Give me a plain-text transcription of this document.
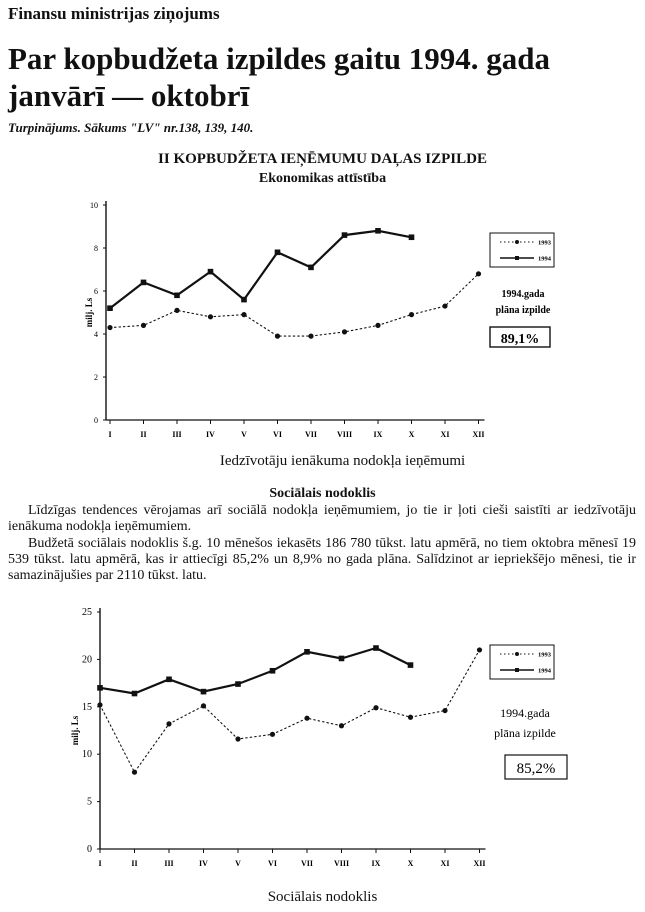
Finansu ministrijas ziņojums
Par kopbudžeta izpildes gaitu 1994. gada janvārī — oktobrī
Turpinājums. Sākums "LV" nr.138, 139, 140.
II KOPBUDŽETA IEŅĒMUMU DAĻAS IZPILDE
Ekonomikas attīstība
0
2
4
6
8
10
milj. Ls
I	II	III	IV	V	VI	VII VIII	IX	X	XI	XII
1993
1994
1994.gada
plāna izpilde
89,1%
Iedzīvotāju ienākuma nodokļa ieņēmumi
Sociālais nodoklis
Līdzīgas tendences vērojamas arī sociālā nodokļa ieņēmumiem, jo tie ir ļoti cieši saistīti ar iedzīvotāju ienākuma nodokļa ieņēmumiem.
Budžetā sociālais nodoklis š.g. 10 mēnešos iekasēts 186 780 tūkst. latu apmērā, no tiem oktobra mēnesī 19 539 tūkst. latu apmērā, kas ir attiecīgi 85,2% un 8,9% no gada plāna. Salīdzinot ar iepriekšējo mēnesi, tie ir samazinājušies par 2110 tūkst. latu.
0
5
10
15
20
25
milj. Ls
I	II	III	IV	V	VI	VII	VIII	IX	X	XI	XII
1993
1994
1994.gada
plāna izpilde
85,2%
Sociālais nodoklis
